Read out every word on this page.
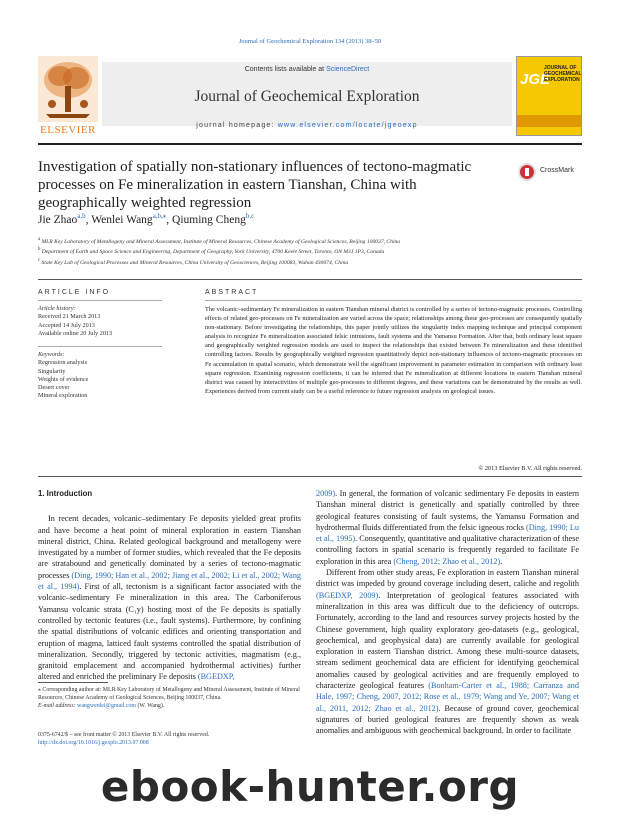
Journal of Geochemical Exploration 134 (2013) 38–50
ELSEVIER
Contents lists available at ScienceDirect
Journal of Geochemical Exploration
journal homepage: www.elsevier.com/locate/jgeoexp
JGE
JOURNAL OF GEOCHEMICAL EXPLORATION
Investigation of spatially non-stationary influences of tectono-magmatic processes on Fe mineralization in eastern Tianshan, China with geographically weighted regression
CrossMark
Jie Zhao$^{a,b}$, Wenlei Wang$^{a,b,⁎}$, Qiuming Cheng$^{b,c}$
$^a$ MLR Key Laboratory of Metallogeny and Mineral Assessment, Institute of Mineral Resources, Chinese Academy of Geological Sciences, Beijing 100037, China
$^b$ Department of Earth and Space Science and Engineering, Department of Geography, York University, 4700 Keele Street, Toronto, ON M3J 1P3, Canada
$^c$ State Key Lab of Geological Processes and Mineral Resources, China University of Geosciences, Beijing 100083, Wuhan 430074, China
ARTICLE INFO
Article history:
Received 21 March 2013
Accepted 14 July 2013
Available online 20 July 2013
Keywords:
Regression analysis
Singularity
Weights of evidence
Desert cover
Mineral exploration
ABSTRACT
The volcanic–sedimentary Fe mineralization in eastern Tianshan mineral district is controlled by a series of tectono-magmatic processes. Controlling effects of related geo-processes on Fe mineralization are varied across the space; relationships among these geo-processes are consequently spatially non-stationary. Before investigating the relationships, this paper jointly utilizes the singularity index mapping technique and principal component analysis to recognize Fe mineralization associated felsic intrusions, fault systems and the Yamansu Formation. After that, both ordinary least square and geographically weighted regression models are used to inspect the relationships that existed between Fe mineralization and these identified controlling factors. Results by geographically weighted regression quantitatively depict non-stationary influences of tectono-magmatic processes on Fe accumulation in spatial scenario, which demonstrate well the significant improvement in parameter estimation in comparison with ordinary least square regression. Examining regression coefficients, it can be inferred that Fe mineralization at different locations in eastern Tianshan mineral district was caused by interactivities of multiple geo-processes to different degrees, and these variations can be demonstrated by the results as well. Experiences derived from current study can be a useful reference to future regression analysis on geological issues.
© 2013 Elsevier B.V. All rights reserved.
1. Introduction

In recent decades, volcanic–sedimentary Fe deposits yielded great profits and have become a heat point of mineral exploration in eastern Tianshan mineral district, China. Related geological background and metallogeny were investigated by a number of former studies, which revealed that the Fe deposits are stratabound and genetically dominated by a series of tectono-magmatic processes (Ding, 1990; Han et al., 2002; Jiang et al., 2002; Li et al., 2002; Wang et al., 1994). First of all, tectonism is a significant factor associated with the volcanic–sedimentary Fe mineralization in this area. The Carboniferous Yamansu volcanic strata (C₁y) hosting most of the Fe deposits is spatially controlled by tectonic features (i.e., fault systems). Furthermore, by confining the spatial distributions of volcanic edifices and orienting transportation and eruption of magma, latticed fault systems controlled the spatial distribution of mineralization. Secondly, triggered by tectonic activities, magmatism (e.g., granitoid emplacement and accompanied hydrothermal activities) further altered and enriched the preliminary Fe deposits (BGEDXP,

2009). In general, the formation of volcanic sedimentary Fe deposits in eastern Tianshan mineral district is genetically and spatially controlled by three geological features consisting of fault systems, the Yamansu Formation and hydrothermal fluids differentiated from the felsic igneous rocks (Ding, 1990; Lu et al., 1995). Consequently, quantitative and qualitative characterization of these controlling factors in spatial scenario is frequently regarded to facilitate Fe exploration in this area (Cheng, 2012; Zhao et al., 2012).

Different from other study areas, Fe exploration in eastern Tianshan mineral district was impeded by ground coverage including desert, caliche and regolith (BGEDXP, 2009). Interpretation of geological features associated with mineralization in this area was difficult due to the deficiency of outcrops. Fortunately, according to the land and resources survey projects hosted by the Chinese government, high quality exploratory geo-datasets (e.g., geological, geochemical, and geophysical data) are currently available for geological exploration in eastern Tianshan district. Among these multi-source datasets, stream sediment geochemical data are efficient for identifying geochemical anomalies caused by geological activities and are frequently employed to characterize geological features (Bonham-Carter et al., 1988; Carranza and Hale, 1997; Cheng, 2007, 2012; Rose et al., 1979; Wang and Ye, 2007; Wang et al., 2011, 2012; Zhao et al., 2012). Because of ground cover, geochemical signatures of buried geological features are frequently shown as weak anomalies and ambiguous with geochemical background. In order to facilitate

⁎ Corresponding author at: MLR Key Laboratory of Metallogeny and Mineral Assessment, Institute of Mineral Resources, Chinese Academy of Geological Sciences, Beijing 100037, China.
E-mail address: wangwenlei@gmail.com (W. Wang).
0375-6742/$ – see front matter © 2013 Elsevier B.V. All rights reserved.
http://dx.doi.org/10.1016/j.gexplo.2013.07.008
ebook-hunter.org
